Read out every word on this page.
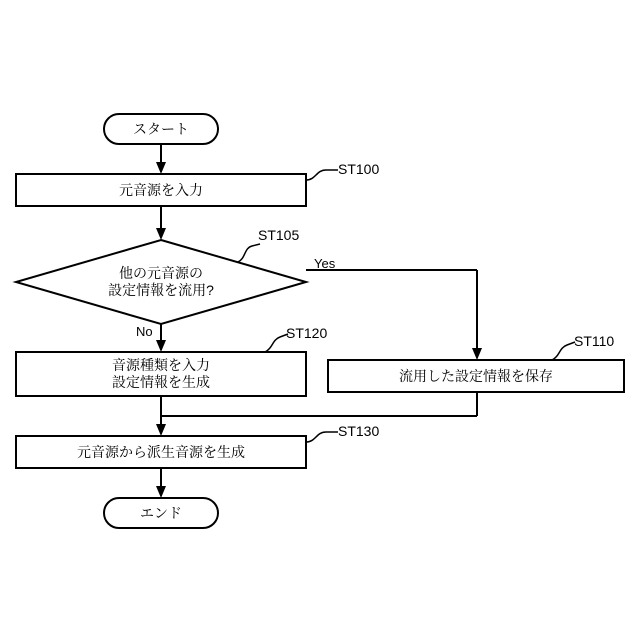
スタート
元音源を入力
他の元音源の
設定情報を流用?
音源種類を入力
設定情報を生成	流用した設定情報を保存
元音源から派生音源を生成
エンド
ST100
ST105
ST120	ST110
ST130
Yes
No
